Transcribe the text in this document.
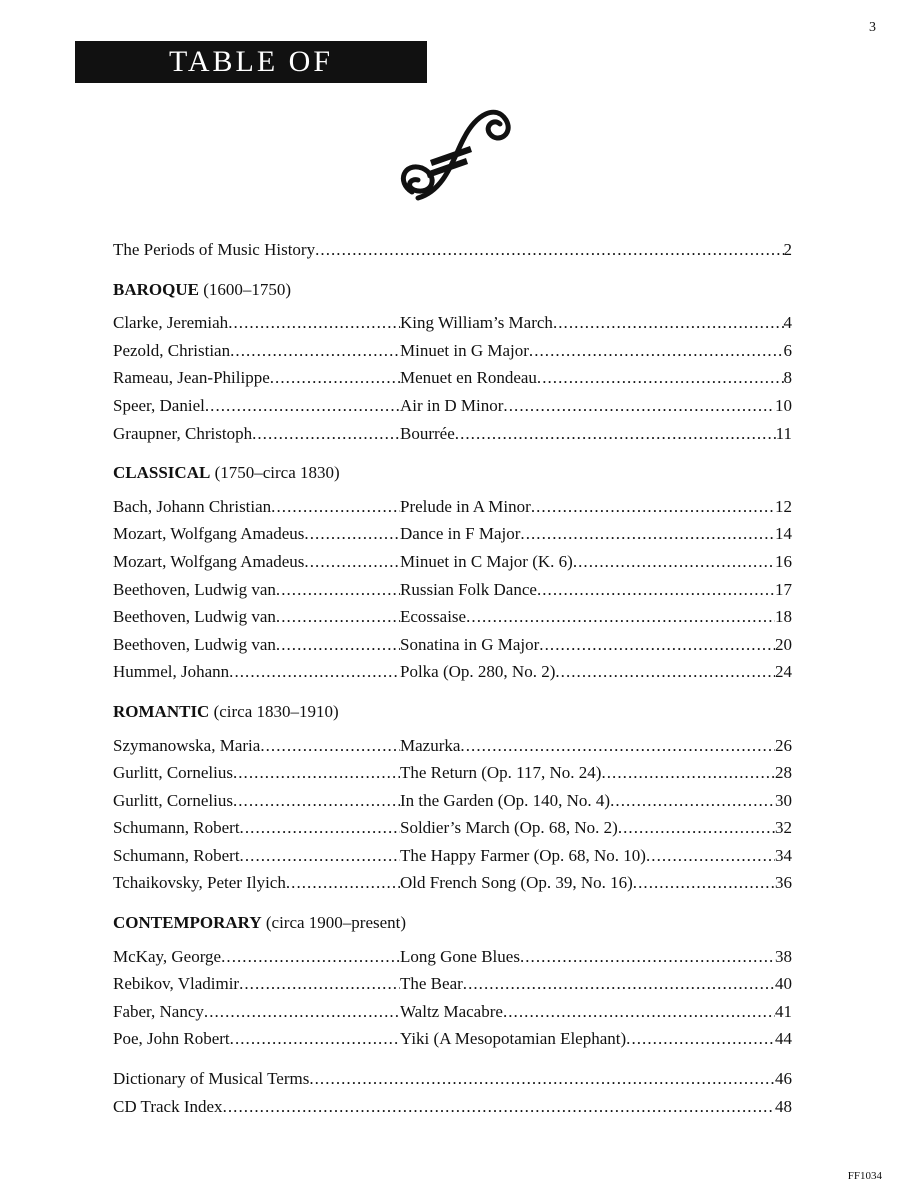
3
TABLE OF CONTENTS
The Periods of Music History . . .	2
BAROQUE (1600–1750)
Clarke, Jeremiah . . .	King William’s March . . .	4
Pezold, Christian . . .	Minuet in G Major . . .	6
Rameau, Jean-Philippe . . .	Menuet en Rondeau . . .	8
Speer, Daniel . . .	Air in D Minor . . .	10
Graupner, Christoph . . .	Bourrée . . .	11
CLASSICAL (1750–circa 1830)
Bach, Johann Christian . . .	Prelude in A Minor . . .	12
Mozart, Wolfgang Amadeus . . .	Dance in F Major . . .	14
Mozart, Wolfgang Amadeus . . .	Minuet in C Major (K. 6) . . .	16
Beethoven, Ludwig van . . .	Russian Folk Dance . . .	17
Beethoven, Ludwig van . . .	Ecossaise . . .	18
Beethoven, Ludwig van . . .	Sonatina in G Major . . .	20
Hummel, Johann . . .	Polka (Op. 280, No. 2) . . .	24
ROMANTIC (circa 1830–1910)
Szymanowska, Maria . . .	Mazurka . . .	26
Gurlitt, Cornelius . . .	The Return (Op. 117, No. 24) . . .	28
Gurlitt, Cornelius . . .	In the Garden (Op. 140, No. 4) . . .	30
Schumann, Robert . . .	Soldier’s March (Op. 68, No. 2) . . .	32
Schumann, Robert . . .	The Happy Farmer (Op. 68, No. 10) . . .	34
Tchaikovsky, Peter Ilyich . . .	Old French Song (Op. 39, No. 16) . . .	36
CONTEMPORARY (circa 1900–present)
McKay, George . . .	Long Gone Blues . . .	38
Rebikov, Vladimir . . .	The Bear . . .	40
Faber, Nancy . . .	Waltz Macabre . . .	41
Poe, John Robert . . .	Yiki (A Mesopotamian Elephant) . . .	44
Dictionary of Musical Terms . . .	46
CD Track Index . . .	48
FF1034
